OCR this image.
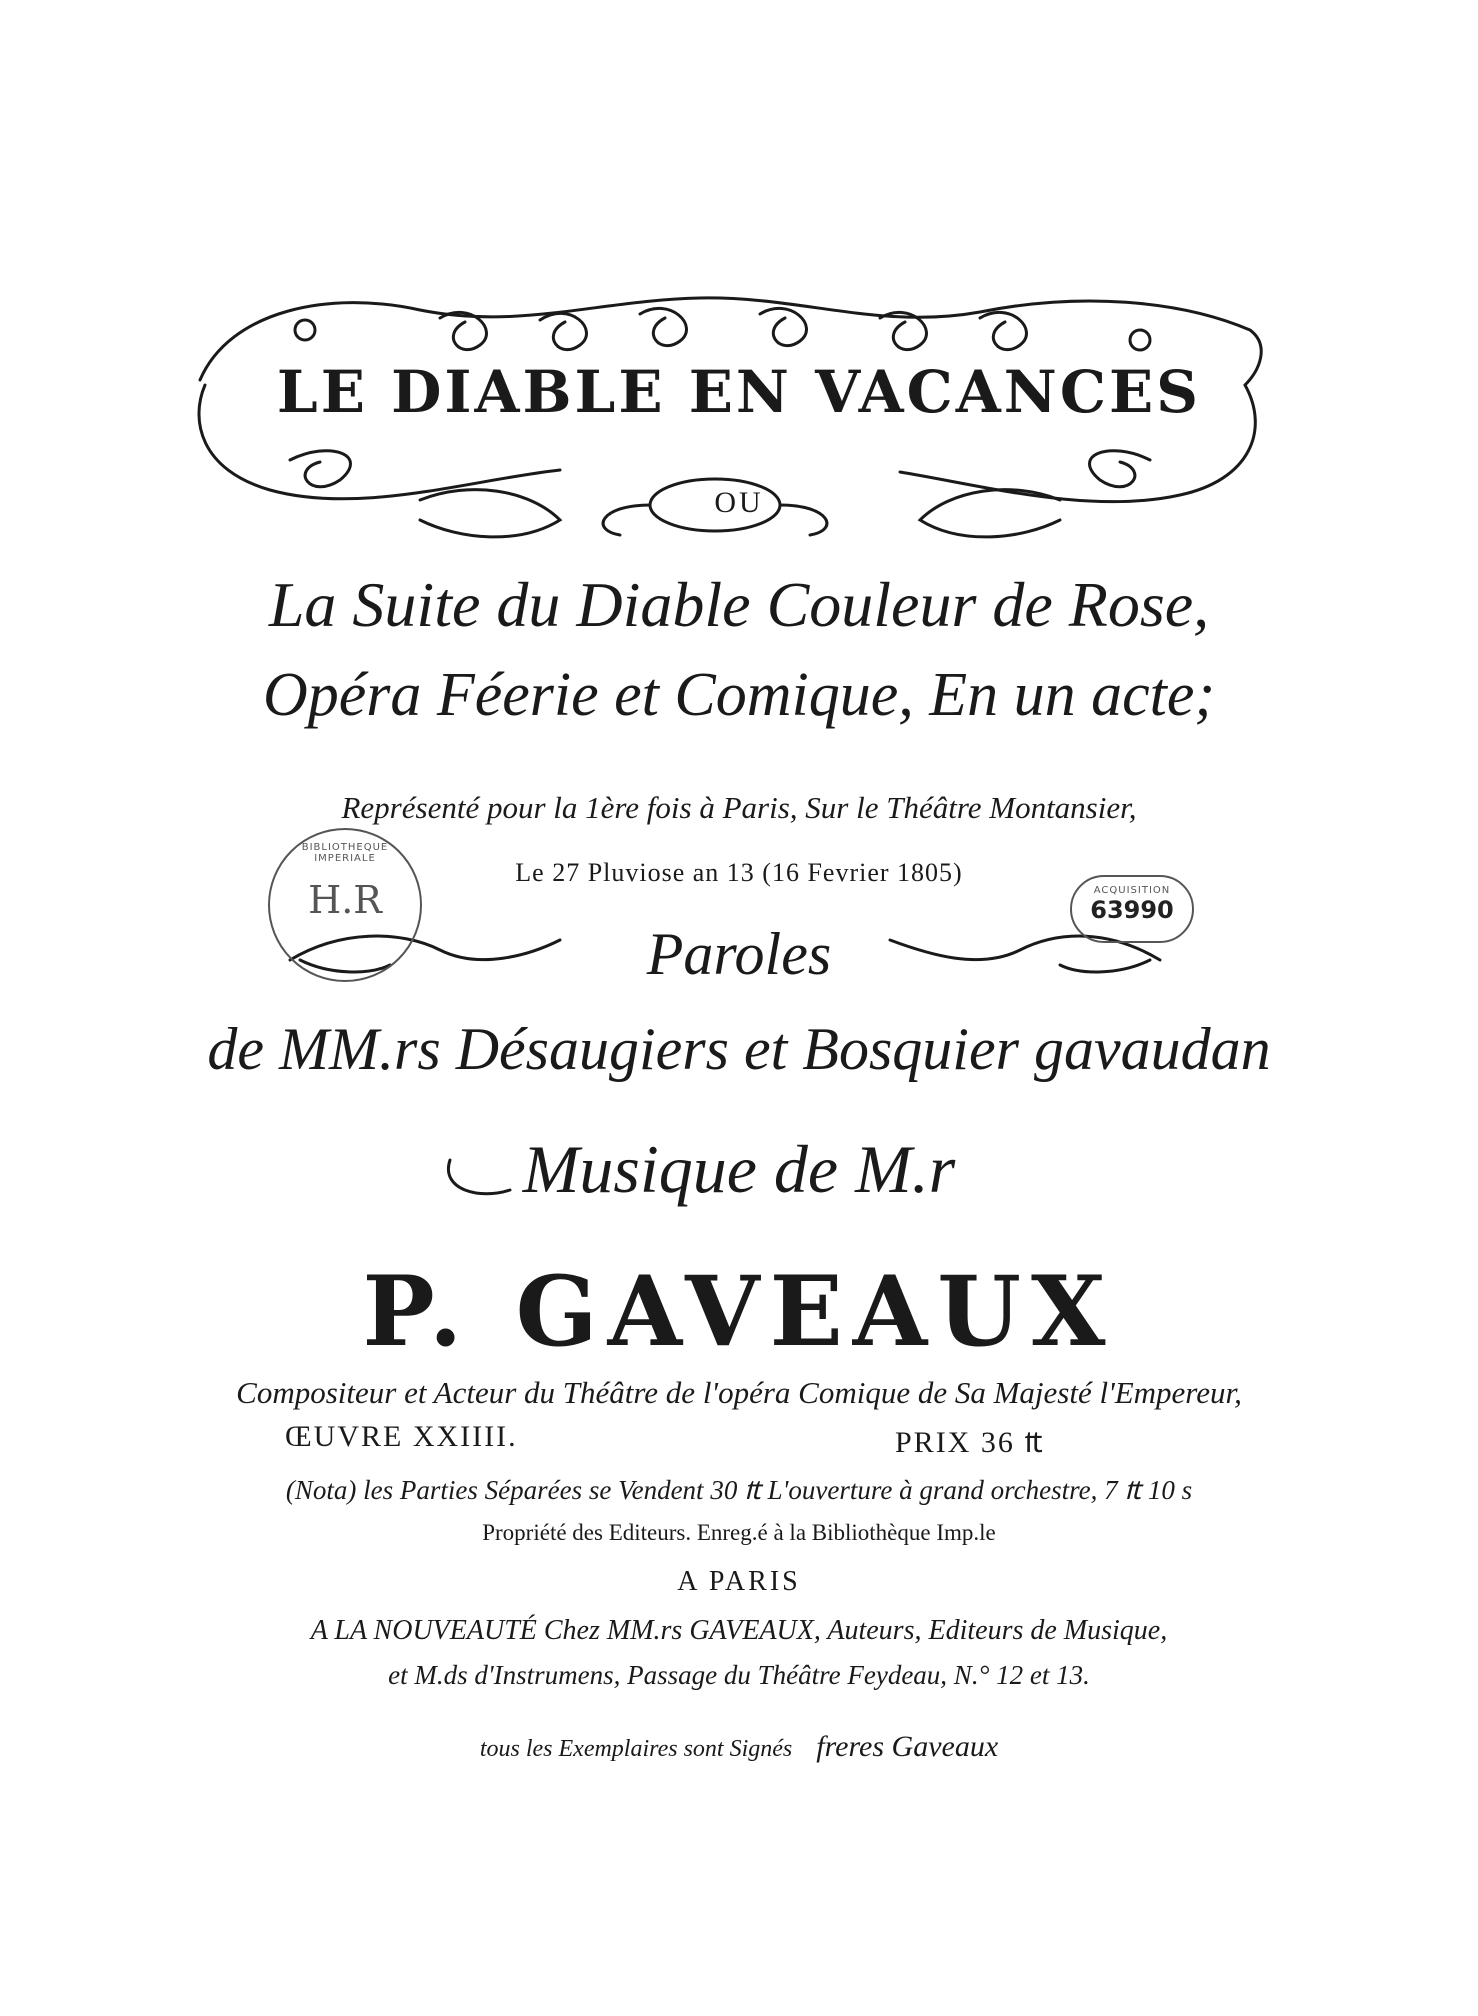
LE DIABLE EN VACANCES
OU
La Suite du Diable Couleur de Rose,
Opéra Féerie et Comique, En un acte;
Représenté pour la 1ère fois à Paris, Sur le Théâtre Montansier,
Le 27 Pluviose an 13 (16 Fevrier 1805)
Paroles
de MM.rs Désaugiers et Bosquier gavaudan
Musique de M.r
P. GAVEAUX
Compositeur et Acteur du Théâtre de l'opéra Comique de Sa Majesté l'Empereur,
ŒUVRE XXIIII.	PRIX 36 ₶
(Nota) les Parties Séparées se Vendent 30 ₶ L'ouverture à grand orchestre, 7 ₶ 10 s
Propriété des Editeurs. Enreg.é à la Bibliothèque Imp.le
A PARIS
A LA NOUVEAUTÉ Chez MM.rs GAVEAUX, Auteurs, Editeurs de Musique,
et M.ds d'Instrumens, Passage du Théâtre Feydeau, N.° 12 et 13.
tous les Exemplaires sont Signés freres Gaveaux
BIBLIOTHEQUE IMPERIALE
H.R	ACQUISITION
63990
